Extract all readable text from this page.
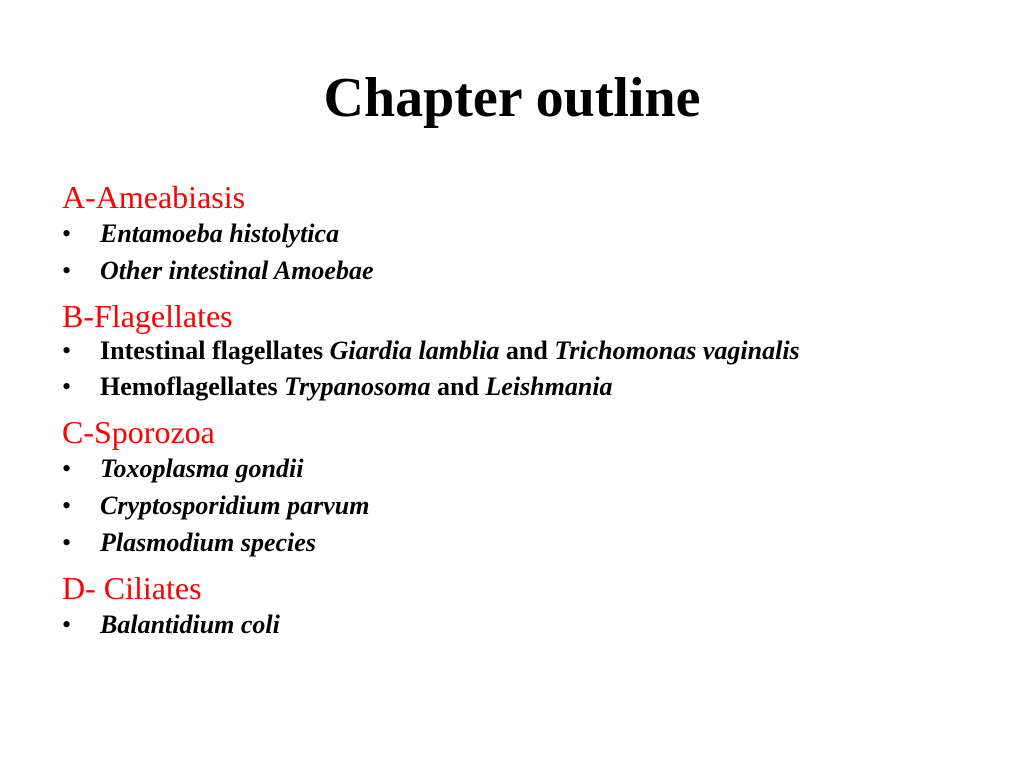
Chapter outline
A-Ameabiasis
• Entamoeba histolytica
• Other intestinal Amoebae
B-Flagellates
• Intestinal flagellates Giardia lamblia and Trichomonas vaginalis
• Hemoflagellates Trypanosoma and Leishmania
C-Sporozoa
• Toxoplasma gondii
• Cryptosporidium parvum
• Plasmodium species
D- Ciliates
• Balantidium coli
